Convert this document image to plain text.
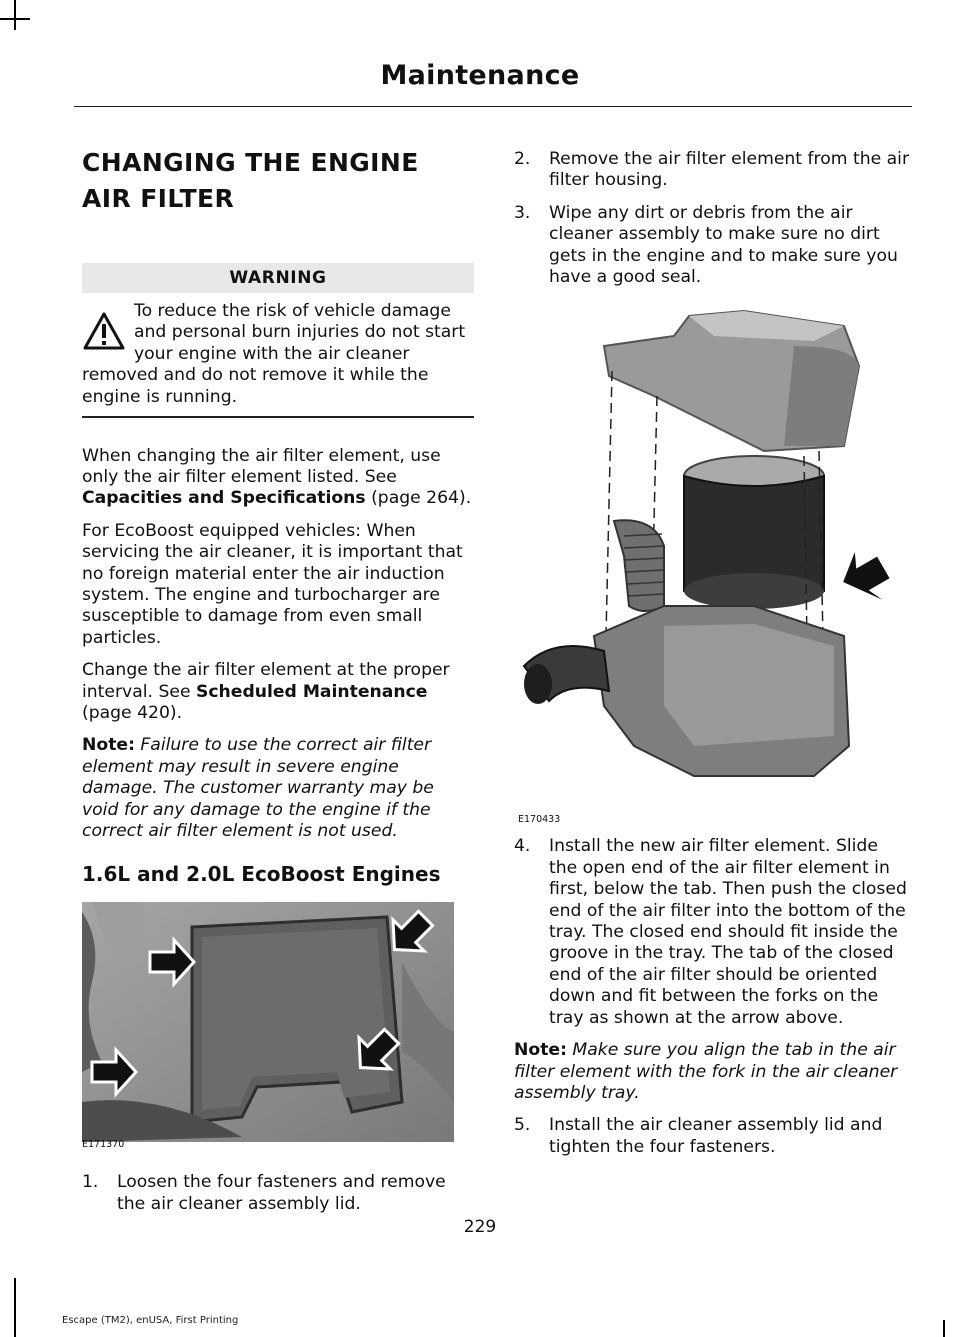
Maintenance
CHANGING THE ENGINE AIR FILTER
WARNING
To reduce the risk of vehicle damage and personal burn injuries do not start your engine with the air cleaner removed and do not remove it while the engine is running.

When changing the air filter element, use only the air filter element listed. See Capacities and Specifications (page 264).

For EcoBoost equipped vehicles: When servicing the air cleaner, it is important that no foreign material enter the air induction system. The engine and turbocharger are susceptible to damage from even small particles.

Change the air filter element at the proper interval. See Scheduled Maintenance (page 420).

Note: Failure to use the correct air filter element may result in severe engine damage. The customer warranty may be void for any damage to the engine if the correct air filter element is not used.

1.6L and 2.0L EcoBoost Engines
E171370
1. Loosen the four fasteners and remove the air cleaner assembly lid.
2. Remove the air filter element from the air filter housing.
3. Wipe any dirt or debris from the air cleaner assembly to make sure no dirt gets in the engine and to make sure you have a good seal.
E170433
4. Install the new air filter element. Slide the open end of the air filter element in first, below the tab. Then push the closed end of the air filter into the bottom of the tray. The closed end should fit inside the groove in the tray. The tab of the closed end of the air filter should be oriented down and fit between the forks on the tray as shown at the arrow above.

Note: Make sure you align the tab in the air filter element with the fork in the air cleaner assembly tray.

5. Install the air cleaner assembly lid and tighten the four fasteners.
229
Escape (TM2), enUSA, First Printing
